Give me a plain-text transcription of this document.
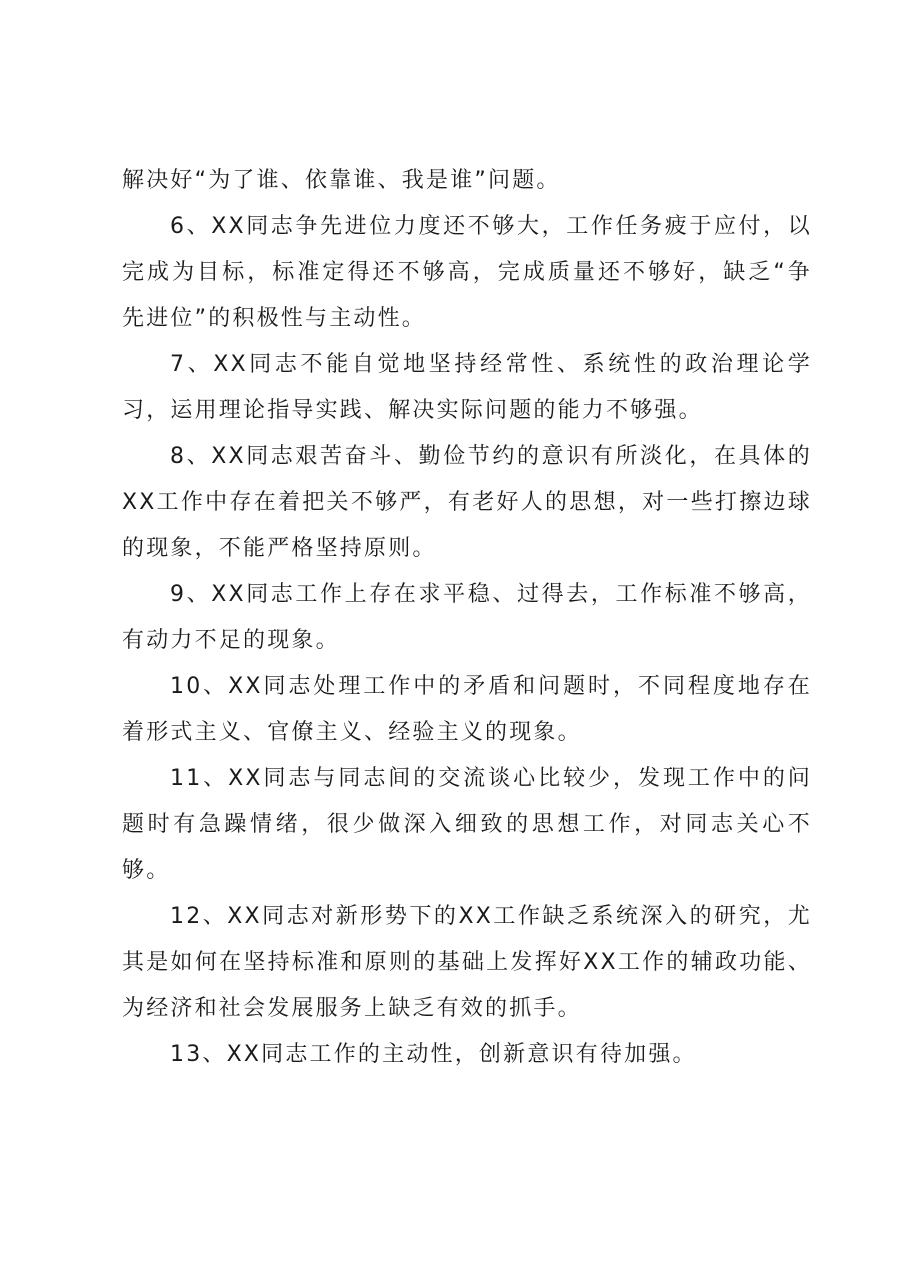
解决好“为了谁、依靠谁、我是谁”问题。

6、XX同志争先进位力度还不够大，工作任务疲于应付，以完成为目标，标准定得还不够高，完成质量还不够好，缺乏“争先进位”的积极性与主动性。

7、XX同志不能自觉地坚持经常性、系统性的政治理论学习，运用理论指导实践、解决实际问题的能力不够强。

8、XX同志艰苦奋斗、勤俭节约的意识有所淡化，在具体的XX工作中存在着把关不够严，有老好人的思想，对一些打擦边球的现象，不能严格坚持原则。

9、XX同志工作上存在求平稳、过得去，工作标准不够高，有动力不足的现象。

10、XX同志处理工作中的矛盾和问题时，不同程度地存在着形式主义、官僚主义、经验主义的现象。

11、XX同志与同志间的交流谈心比较少，发现工作中的问题时有急躁情绪，很少做深入细致的思想工作，对同志关心不够。

12、XX同志对新形势下的XX工作缺乏系统深入的研究，尤其是如何在坚持标准和原则的基础上发挥好XX工作的辅政功能、为经济和社会发展服务上缺乏有效的抓手。

13、XX同志工作的主动性，创新意识有待加强。
